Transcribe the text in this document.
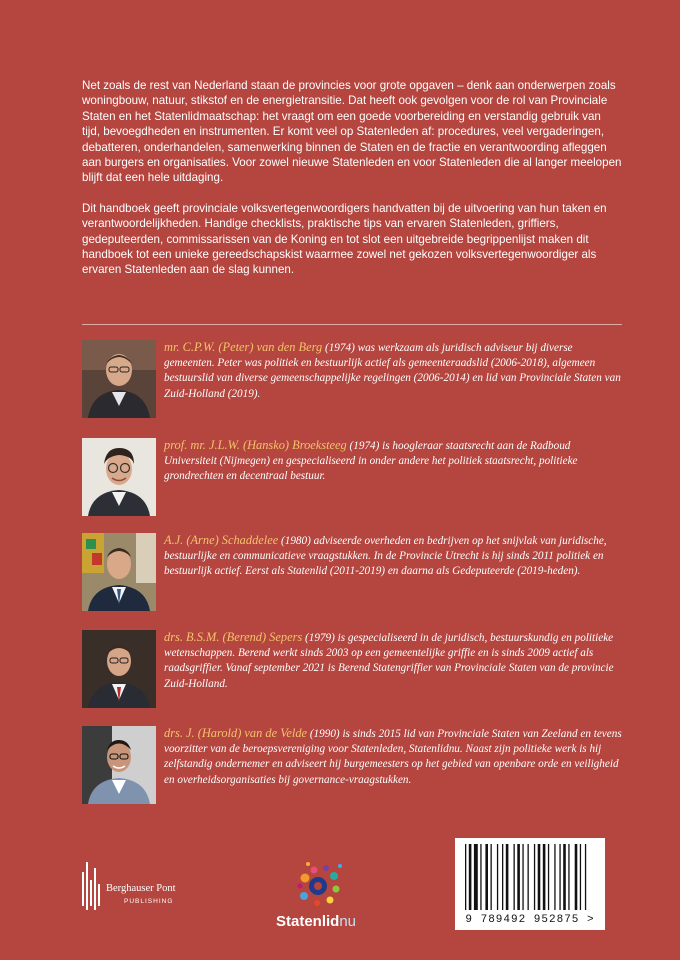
Net zoals de rest van Nederland staan de provincies voor grote opgaven – denk aan onderwerpen zoals woningbouw, natuur, stikstof en de energietransitie. Dat heeft ook gevolgen voor de rol van Provinciale Staten en het Statenlidmaatschap: het vraagt om een goede voorbereiding en verstandig gebruik van tijd, bevoegdheden en instrumenten. Er komt veel op Statenleden af: procedures, veel vergaderingen, debatteren, onderhandelen, samenwerking binnen de Staten en de fractie en verantwoording afleggen aan burgers en organisaties. Voor zowel nieuwe Statenleden en voor Statenleden die al langer meelopen blijft dat een hele uitdaging.

Dit handboek geeft provinciale volksvertegenwoordigers handvatten bij de uitvoering van hun taken en verantwoordelijkheden. Handige checklists, praktische tips van ervaren Statenleden, griffiers, gedeputeerden, commissarissen van de Koning en tot slot een uitgebreide begrippenlijst maken dit handboek tot een unieke gereedschapskist waarmee zowel net gekozen volksvertegenwoordiger als ervaren Statenleden aan de slag kunnen.

mr. C.P.W. (Peter) van den Berg (1974) was werkzaam als juridisch adviseur bij diverse gemeenten. Peter was politiek en bestuurlijk actief als gemeenteraadslid (2006-2018), algemeen bestuurslid van diverse gemeenschappelijke regelingen (2006-2014) en lid van Provinciale Staten van Zuid-Holland (2019).
prof. mr. J.L.W. (Hansko) Broeksteeg (1974) is hoogleraar staatsrecht aan de Radboud Universiteit (Nijmegen) en gespecialiseerd in onder andere het politiek staatsrecht, politieke grondrechten en decentraal bestuur.
A.J. (Arne) Schaddelee (1980) adviseerde overheden en bedrijven op het snijvlak van juridische, bestuurlijke en communicatieve vraagstukken. In de Provincie Utrecht is hij sinds 2011 politiek en bestuurlijk actief. Eerst als Statenlid (2011-2019) en daarna als Gedeputeerde (2019-heden).
drs. B.S.M. (Berend) Sepers (1979) is gespecialiseerd in de juridisch, bestuurskundig en politieke wetenschappen. Berend werkt sinds 2003 op een gemeentelijke griffie en is sinds 2009 actief als raadsgriffier. Vanaf september 2021 is Berend Statengriffier van Provinciale Staten van de provincie Zuid-Holland.
drs. J. (Harold) van de Velde (1990) is sinds 2015 lid van Provinciale Staten van Zeeland en tevens voorzitter van de beroepsvereniging voor Statenleden, Statenlidnu. Naast zijn politieke werk is hij zelfstandig ondernemer en adviseert hij burgemeesters op het gebied van openbare orde en veiligheid en overheidsorganisaties bij governance-vraagstukken.
Berghauser Pont
PUBLISHING
Statenlidnu	9 789492 952875 >
